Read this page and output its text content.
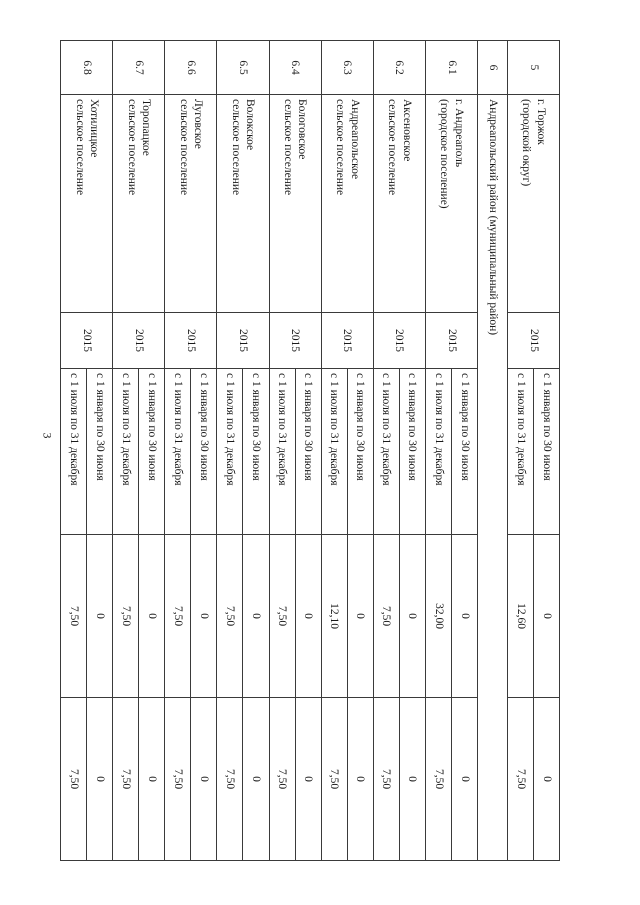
3
5	г. Торжок
(городской округ)	2015	с 1 января по 30 июня	0	0
			с 1 июля по 31 декабря	12,60	7,50
6	Андреапольский район (муниципальный район)				
6.1	г. Андреаполь
(городское поселение)	2015	с 1 января по 30 июня	0	0
			с 1 июля по 31 декабря	32,00	7,50
6.2	Аксеновское
сельское поселение	2015	с 1 января по 30 июня	0	0
			с 1 июля по 31 декабря	7,50	7,50
6.3	Андреапольское
сельское поселение	2015	с 1 января по 30 июня	0	0
			с 1 июля по 31 декабря	12,10	7,50
6.4	Бологовское
сельское поселение	2015	с 1 января по 30 июня	0	0
			с 1 июля по 31 декабря	7,50	7,50
6.5	Волокское
сельское поселение	2015	с 1 января по 30 июня	0	0
			с 1 июля по 31 декабря	7,50	7,50
6.6	Луговское
сельское поселение	2015	с 1 января по 30 июня	0	0
			с 1 июля по 31 декабря	7,50	7,50
6.7	Торопацкое
сельское поселение	2015	с 1 января по 30 июня	0	0
			с 1 июля по 31 декабря	7,50	7,50
6.8	Хотилицкое
сельское поселение	2015	с 1 января по 30 июня	0	0
			с 1 июля по 31 декабря	7,50	7,50
